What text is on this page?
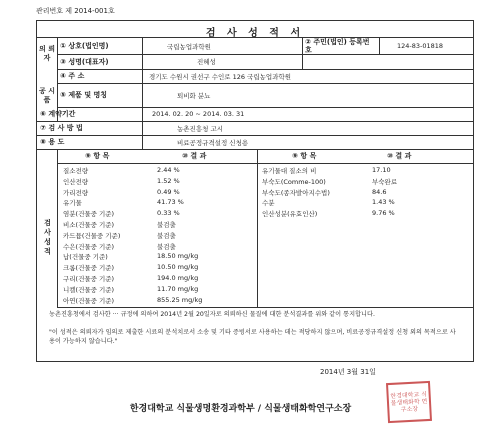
관리번호 제 2014-001호
검 사 성 적 서
의 뢰 자
공 시 품
검 사 성 적
① 상호(법인명)	국립농업과학원
② 주민(법인) 등록번호	124-83-01818
③ 성명(대표자)	진혜성
④ 주 소	경기도 수원시 권선구 수인로 126 국립농업과학원
⑤ 제품 및 명칭	퇴비화 분뇨
⑥ 계약기간	2014. 02. 20 ~ 2014. 03. 31
⑦ 검 사 방 법	농촌진흥청 고시
⑧ 용 도	비료공정규격설정 신청용
⑨ 항 목	⑩ 결 과	⑨ 항 목	⑩ 결 과
질소전량	2.44 %
인산전량	1.52 %
가리전량	0.49 %
유기물	41.73 %
염분(건물중 기준)	0.33 %
비소(건물중 기준)	불검출
카드뮴(건물중 기준)	불검출
수은(건물중 기준)	불검출
납(건물중 기준)	18.50 mg/kg
크롬(건물중 기준)	10.50 mg/kg
구리(건물중 기준)	194.0 mg/kg
니켈(건물중 기준)	11.70 mg/kg
아연(건물중 기준)	855.25 mg/kg
유기물대 질소의 비	17.10
부숙도(Comme-100)	부숙완료
부숙도(종자발아지수법)	84.6
수분	1.43 %
인산성분(유효인산)	9.76 %
농촌진흥청에서 검사한 ··· 규정에 의하여 2014년 2월 20일자로 의뢰하신 물질에 대한 분석결과를 위와 같이 통지합니다.
"이 성적은 의뢰자가 임의로 제출한 시료의 분석치로서 소송 및 기타 증빙서로 사용하는 데는 적당하지 않으며, 비료공정규격설정 신청 외의 목적으로 사용이 가능하지 않습니다."
2014년 3월 31일
한경대학교 식물생명환경과학부 / 식물생태화학연구소장
한경대학교 식물생태화학 연구소장
